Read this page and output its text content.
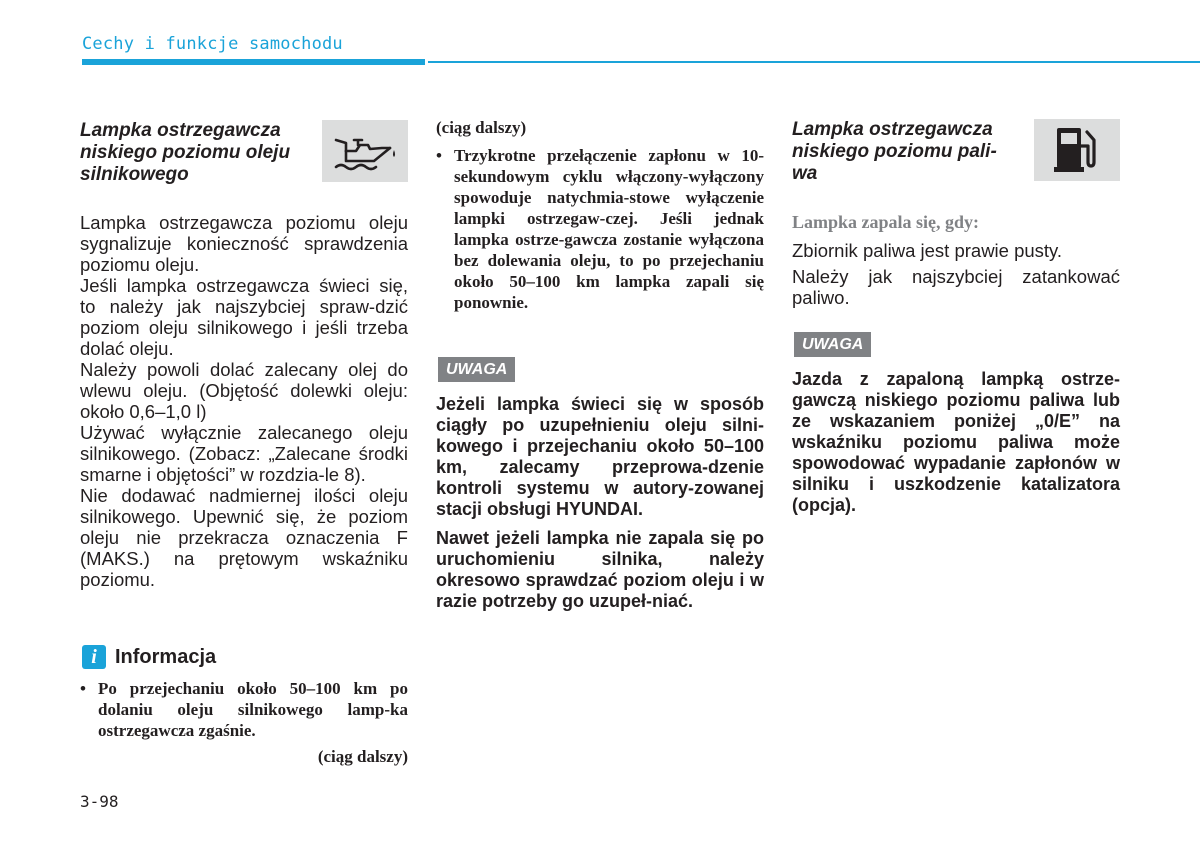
Cechy i funkcje samochodu
Lampka ostrzegawcza
niskiego poziomu oleju
silnikowego

Lampka ostrzegawcza poziomu oleju sygnalizuje konieczność sprawdzenia poziomu oleju.

Jeśli lampka ostrzegawcza świeci się, to należy jak najszybciej spraw-dzić poziom oleju silnikowego i jeśli trzeba dolać oleju.

Należy powoli dolać zalecany olej do wlewu oleju. (Objętość dolewki oleju: około 0,6–1,0 l)

Używać wyłącznie zalecanego oleju silnikowego. (Zobacz: „Zalecane środki smarne i objętości” w rozdzia-le 8).

Nie dodawać nadmiernej ilości oleju silnikowego. Upewnić się, że poziom oleju nie przekracza oznaczenia F (MAKS.) na prętowym wskaźniku poziomu.

i Informacja
• Po przejechaniu około 50–100 km po dolaniu oleju silnikowego lamp-ka ostrzegawcza zgaśnie.
(ciąg dalszy)
(ciąg dalszy)
• Trzykrotne przełączenie zapłonu w 10-sekundowym cyklu włączony-wyłączony spowoduje natychmia-stowe wyłączenie lampki ostrzegaw-czej. Jeśli jednak lampka ostrze-gawcza zostanie wyłączona bez dolewania oleju, to po przejechaniu około 50–100 km lampka zapali się ponownie.
UWAGA

Jeżeli lampka świeci się w sposób ciągły po uzupełnieniu oleju silni-kowego i przejechaniu około 50–100 km, zalecamy przeprowa-dzenie kontroli systemu w autory-zowanej stacji obsługi HYUNDAI.

Nawet jeżeli lampka nie zapala się po uruchomieniu silnika, należy okresowo sprawdzać poziom oleju i w razie potrzeby go uzupeł-niać.

Lampka ostrzegawcza
niskiego poziomu pali-
wa
Lampka zapala się, gdy:

Zbiornik paliwa jest prawie pusty.

Należy jak najszybciej zatankować paliwo.

UWAGA

Jazda z zapaloną lampką ostrze-gawczą niskiego poziomu paliwa lub ze wskazaniem poniżej „0/E” na wskaźniku poziomu paliwa może spowodować wypadanie zapłonów w silniku i uszkodzenie katalizatora (opcja).

3-98
